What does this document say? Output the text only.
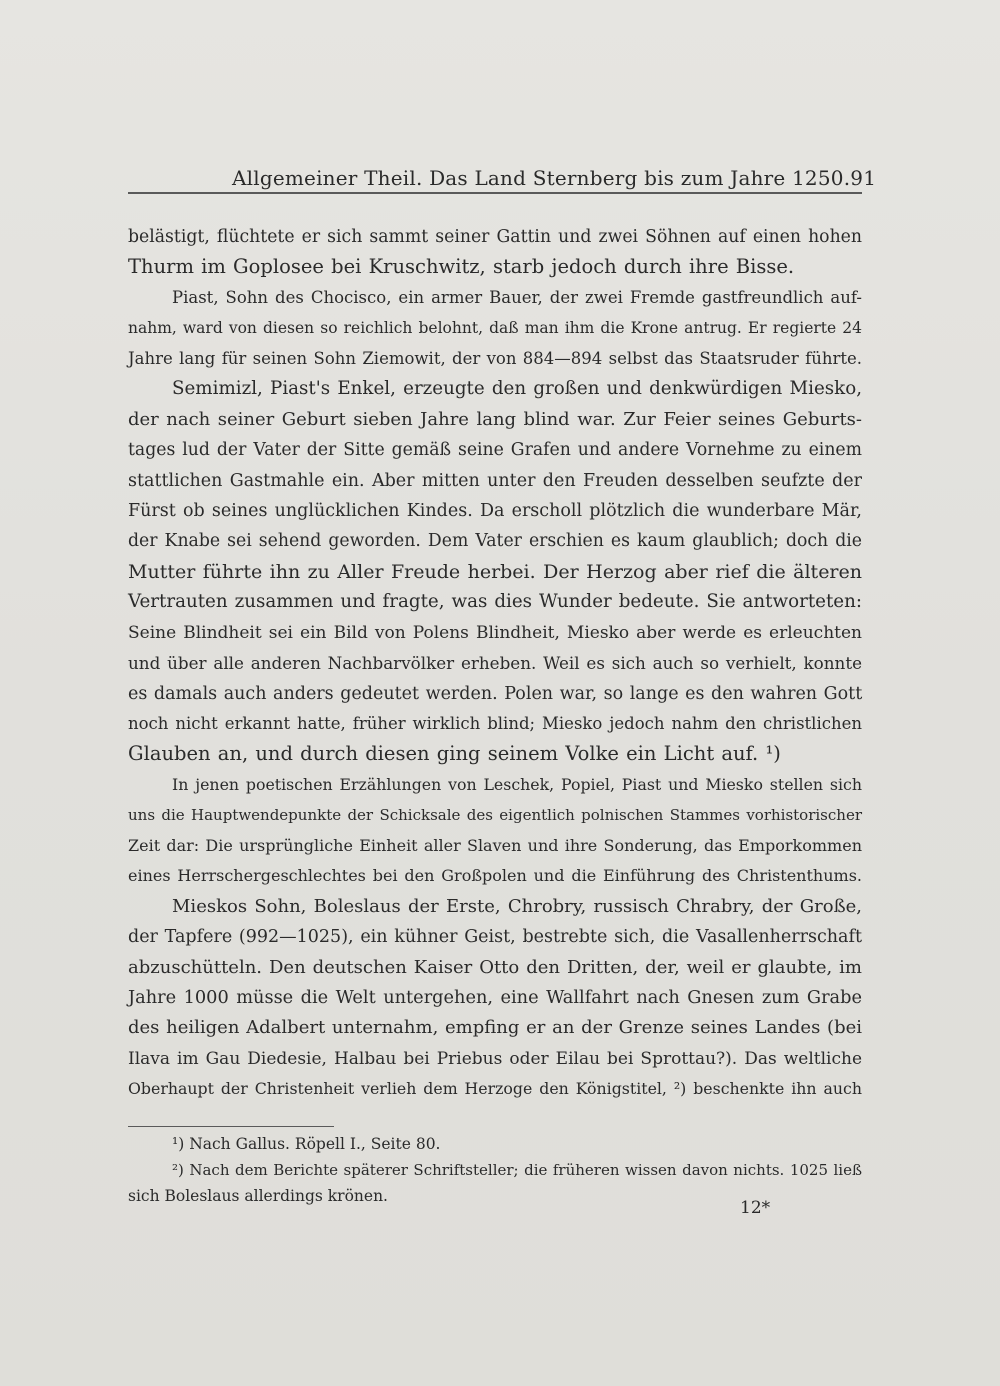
Allgemeiner Theil. Das Land Sternberg bis zum Jahre 1250. 91
belästigt, flüchtete er sich sammt seiner Gattin und zwei Söhnen auf einen hohen
Thurm im Goplosee bei Kruschwitz, starb jedoch durch ihre Bisse.
Piast, Sohn des Chocisco, ein armer Bauer, der zwei Fremde gastfreundlich auf-
nahm, ward von diesen so reichlich belohnt, daß man ihm die Krone antrug. Er regierte 24
Jahre lang für seinen Sohn Ziemowit, der von 884—894 selbst das Staatsruder führte.
Semimizl, Piast's Enkel, erzeugte den großen und denkwürdigen Miesko,
der nach seiner Geburt sieben Jahre lang blind war. Zur Feier seines Geburts-
tages lud der Vater der Sitte gemäß seine Grafen und andere Vornehme zu einem
stattlichen Gastmahle ein. Aber mitten unter den Freuden desselben seufzte der
Fürst ob seines unglücklichen Kindes. Da erscholl plötzlich die wunderbare Mär,
der Knabe sei sehend geworden. Dem Vater erschien es kaum glaublich; doch die
Mutter führte ihn zu Aller Freude herbei. Der Herzog aber rief die älteren
Vertrauten zusammen und fragte, was dies Wunder bedeute. Sie antworteten:
Seine Blindheit sei ein Bild von Polens Blindheit, Miesko aber werde es erleuchten
und über alle anderen Nachbarvölker erheben. Weil es sich auch so verhielt, konnte
es damals auch anders gedeutet werden. Polen war, so lange es den wahren Gott
noch nicht erkannt hatte, früher wirklich blind; Miesko jedoch nahm den christlichen
Glauben an, und durch diesen ging seinem Volke ein Licht auf. ¹)
In jenen poetischen Erzählungen von Leschek, Popiel, Piast und Miesko stellen sich
uns die Hauptwendepunkte der Schicksale des eigentlich polnischen Stammes vorhistorischer
Zeit dar: Die ursprüngliche Einheit aller Slaven und ihre Sonderung, das Emporkommen
eines Herrschergeschlechtes bei den Großpolen und die Einführung des Christenthums.
Mieskos Sohn, Boleslaus der Erste, Chrobry, russisch Chrabry, der Große,
der Tapfere (992—1025), ein kühner Geist, bestrebte sich, die Vasallenherrschaft
abzuschütteln. Den deutschen Kaiser Otto den Dritten, der, weil er glaubte, im
Jahre 1000 müsse die Welt untergehen, eine Wallfahrt nach Gnesen zum Grabe
des heiligen Adalbert unternahm, empfing er an der Grenze seines Landes (bei
Ilava im Gau Diedesie, Halbau bei Priebus oder Eilau bei Sprottau?). Das weltliche
Oberhaupt der Christenheit verlieh dem Herzoge den Königstitel, ²) beschenkte ihn auch
¹) Nach Gallus. Röpell I., Seite 80.
²) Nach dem Berichte späterer Schriftsteller; die früheren wissen davon nichts. 1025 ließ
sich Boleslaus allerdings krönen.
12*
